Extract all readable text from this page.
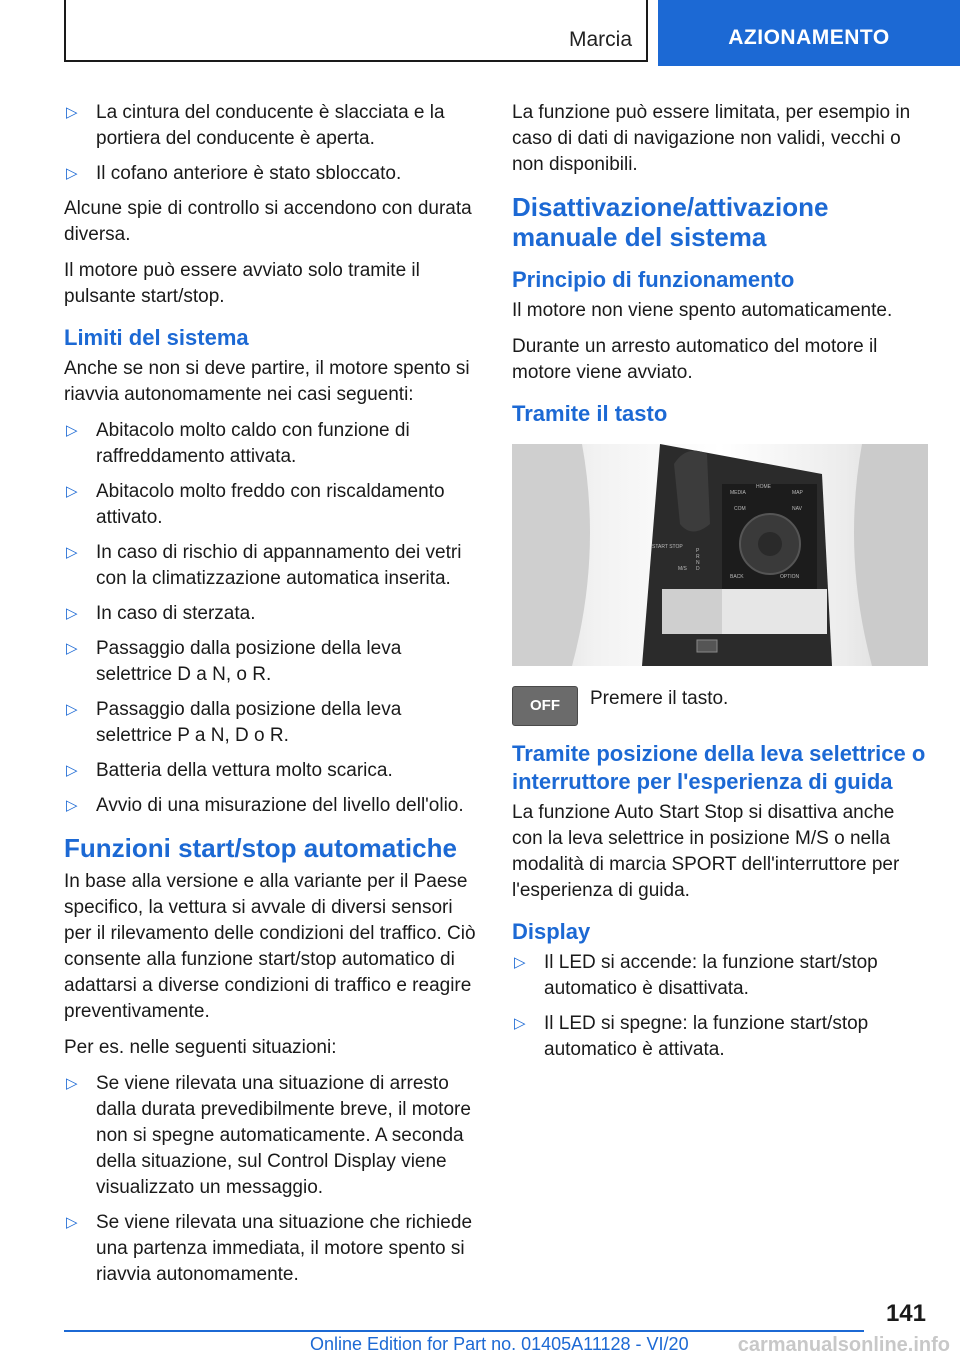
Marcia	AZIONAMENTO
▷ La cintura del conducente è slacciata e la portiera del conducente è aperta.
▷ Il cofano anteriore è stato sbloccato.

Alcune spie di controllo si accendono con durata diversa.

Il motore può essere avviato solo tramite il pulsante start/stop.

Limiti del sistema

Anche se non si deve partire, il motore spento si riavvia autonomamente nei casi seguenti:

▷ Abitacolo molto caldo con funzione di raffreddamento attivata.
▷ Abitacolo molto freddo con riscaldamento attivato.
▷ In caso di rischio di appannamento dei vetri con la climatizzazione automatica inserita.
▷ In caso di sterzata.
▷ Passaggio dalla posizione della leva selettrice D a N, o R.
▷ Passaggio dalla posizione della leva selettrice P a N, D o R.
▷ Batteria della vettura molto scarica.
▷ Avvio di una misurazione del livello dell'olio.
Funzioni start/stop automatiche

In base alla versione e alla variante per il Paese specifico, la vettura si avvale di diversi sensori per il rilevamento delle condizioni del traffico. Ciò consente alla funzione start/stop automatico di adattarsi a diverse condizioni di traffico e reagire preventivamente.

Per es. nelle seguenti situazioni:

▷ Se viene rilevata una situazione di arresto dalla durata prevedibilmente breve, il motore non si spegne automaticamente. A seconda della situazione, sul Control Display viene visualizzato un messaggio.
▷ Se viene rilevata una situazione che richiede una partenza immediata, il motore spento si riavvia autonomamente.

La funzione può essere limitata, per esempio in caso di dati di navigazione non validi, vecchi o non disponibili.

Disattivazione/attivazione manuale del sistema
Principio di funzionamento

Il motore non viene spento automaticamente.

Durante un arresto automatico del motore il motore viene avviato.

Tramite il tasto
MEDIA
HOME
MAP
COM	NAV
BACK	OPTION
START STOP
P
R
N
D
M/S
OFF Premere il tasto.
Tramite posizione della leva selettrice o interruttore per l'esperienza di guida

La funzione Auto Start Stop si disattiva anche con la leva selettrice in posizione M/S o nella modalità di marcia SPORT dell'interruttore per l'esperienza di guida.

Display
▷ Il LED si accende: la funzione start/stop automatico è disattivata.
▷ Il LED si spegne: la funzione start/stop automatico è attivata.
141
Online Edition for Part no. 01405A11128 - VI/20 carmanualsonline.info
